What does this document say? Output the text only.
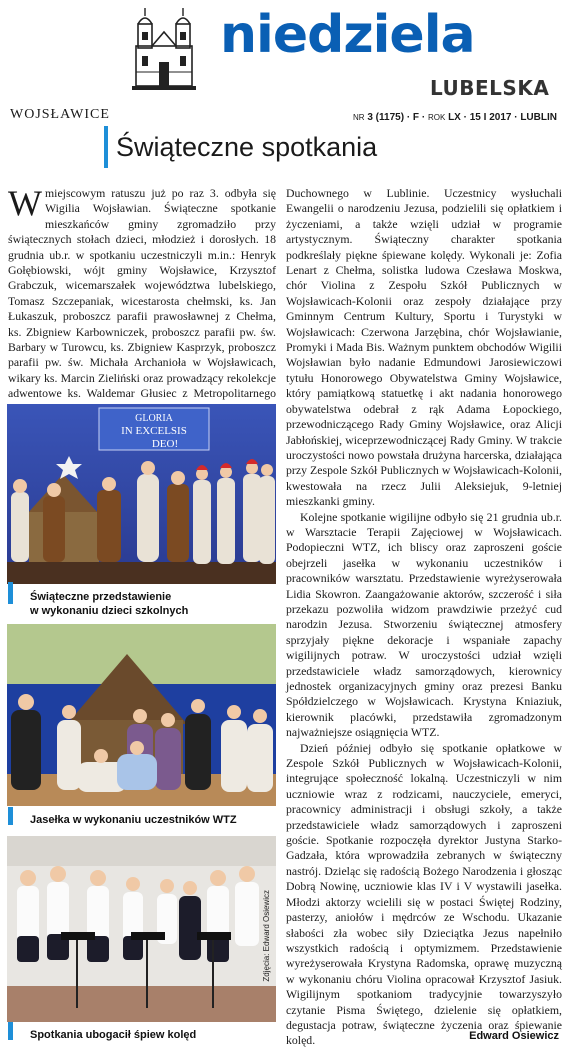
niedziela
LUBELSKA
WOJSŁAWICE	NR 3 (1175) · F · ROK LX · 15 I 2017 · LUBLIN
Świąteczne spotkania

Wmiejscowym ratuszu już po raz 3. odbyła się Wigilia Wojsławian. Świąteczne spotkanie mieszkańców gminy zgromadziło przy świątecznych stołach dzieci, młodzież i dorosłych. 18 grudnia ub.r. w spotkaniu uczestniczyli m.in.: Henryk Gołębiowski, wójt gminy Wojsławice, Krzysztof Grabczuk, wicemarszałek województwa lubelskiego, Tomasz Szczepaniak, wicestarosta chełmski, ks. Jan Łukaszuk, proboszcz parafii prawosławnej z Chełma, ks. Zbigniew Karbowniczek, proboszcz parafii pw. św. Barbary w Turowcu, ks. Zbigniew Kasprzyk, proboszcz parafii pw. św. Michała Archanioła w Wojsławicach, wikary ks. Marcin Zieliński oraz prowadzący rekolekcje adwentowe ks. Waldemar Głusiec z Metropolitarnego

GLORIA
IN EXCELSIS
DEO!
Świąteczne przedstawienie
w wykonaniu dzieci szkolnych
Jasełka w wykonaniu uczestników WTZ
Zdjęcia: Edward Osiewicz
Spotkania ubogacił śpiew kolęd

Duchownego w Lublinie. Uczestnicy wysłuchali Ewangelii o narodzeniu Jezusa, podzielili się opłatkiem i życzeniami, a także wzięli udział w programie artystycznym. Świąteczny charakter spotkania podkreślały piękne śpiewane kolędy. Wykonali je: Zofia Lenart z Chełma, solistka ludowa Czesława Moskwa, chór Violina z Zespołu Szkół Publicznych w Wojsławicach-Kolonii oraz zespoły działające przy Gminnym Centrum Kultury, Sportu i Turystyki w Wojsławicach: Czerwona Jarzębina, chór Wojsławianie, Promyki i Mada Bis. Ważnym punktem obchodów Wigilii Wojsławian było nadanie Edmundowi Jarosiewiczowi tytułu Honorowego Obywatelstwa Gminy Wojsławice, który pamiątkową statuetkę i akt nadania honorowego obywatelstwa odebrał z rąk Adama Łopockiego, przewodniczącego Rady Gminy Wojsławice, oraz Alicji Jabłońskiej, wiceprzewodniczącej Rady Gminy. W trakcie uroczystości nowo powstała drużyna harcerska, działająca przy Zespole Szkół Publicznych w Wojsławicach-Kolonii, kwestowała na rzecz Julii Aleksiejuk, 9-letniej mieszkanki gminy.

Kolejne spotkanie wigilijne odbyło się 21 grudnia ub.r. w Warsztacie Terapii Zajęciowej w Wojsławicach. Podopieczni WTZ, ich bliscy oraz zaproszeni goście obejrzeli jasełka w wykonaniu uczestników i pracowników warsztatu. Przedstawienie wyreżyserowała Lidia Skowron. Zaangażowanie aktorów, szczerość i siła przekazu pozwoliła widzom prawdziwie przeżyć cud narodzin Jezusa. Stworzeniu świątecznej atmosfery sprzyjały piękne dekoracje i wspaniałe zapachy wigilijnych potraw. W uroczystości udział wzięli przedstawiciele władz samorządowych, kierownicy jednostek organizacyjnych gminy oraz prezesi Banku Spółdzielczego w Wojsławicach. Krystyna Kniaziuk, kierownik placówki, przedstawiła zgromadzonym najważniejsze osiągnięcia WTZ.

Dzień później odbyło się spotkanie opłatkowe w Zespole Szkół Publicznych w Wojsławicach-Kolonii, integrujące społeczność lokalną. Uczestniczyli w nim uczniowie wraz z rodzicami, nauczyciele, emeryci, pracownicy administracji i obsługi szkoły, a także przedstawiciele władz samorządowych i zaproszeni goście. Spotkanie rozpoczęła dyrektor Justyna Starko-Gadzała, która wprowadziła zebranych w świąteczny nastrój. Dzieląc się radością Bożego Narodzenia i głosząc Dobrą Nowinę, uczniowie klas IV i V wystawili jasełka. Młodzi aktorzy wcielili się w postaci Świętej Rodziny, pasterzy, aniołów i mędrców ze Wschodu. Ukazanie słabości zła wobec siły Dzieciątka Jezus napełniło wszystkich radością i optymizmem. Przedstawienie wyreżyserowała Krystyna Radomska, oprawę muzyczną w wykonaniu chóru Violina opracował Krzysztof Jasiuk. Wigilijnym spotkaniom tradycyjnie towarzyszyło czytanie Pisma Świętego, dzielenie się opłatkiem, degustacja potraw, świąteczne życzenia oraz śpiewanie kolęd.	Edward Osiewicz
